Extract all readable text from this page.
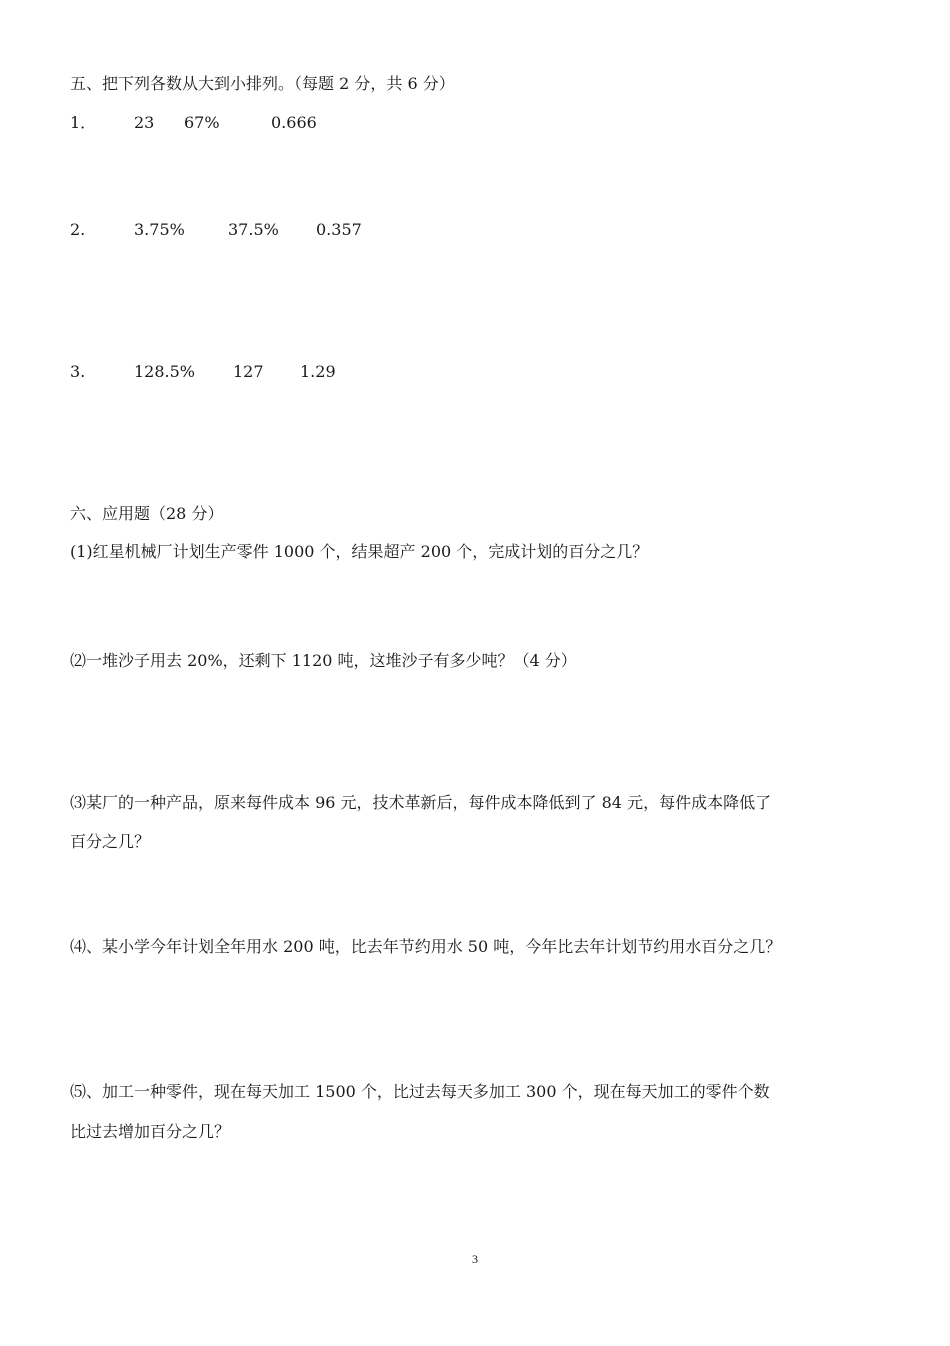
五、把下列各数从大到小排列。（每题 2 分，共 6 分）
1． 23 67%	0.666
2.	3.75%	37.5% 0.357
3.	128.5% 127 1.29
六、应用题（28 分）
(1)红星机械厂计划生产零件 1000 个，结果超产 200 个，完成计划的百分之几？
⑵一堆沙子用去 20%，还剩下 1120 吨，这堆沙子有多少吨？（4 分）
⑶某厂的一种产品，原来每件成本 96 元，技术革新后，每件成本降低到了 84 元，每件成本降低了
百分之几？
⑷、某小学今年计划全年用水 200 吨，比去年节约用水 50 吨，今年比去年计划节约用水百分之几？
⑸、加工一种零件，现在每天加工 1500 个，比过去每天多加工 300 个，现在每天加工的零件个数
比过去增加百分之几？
3
